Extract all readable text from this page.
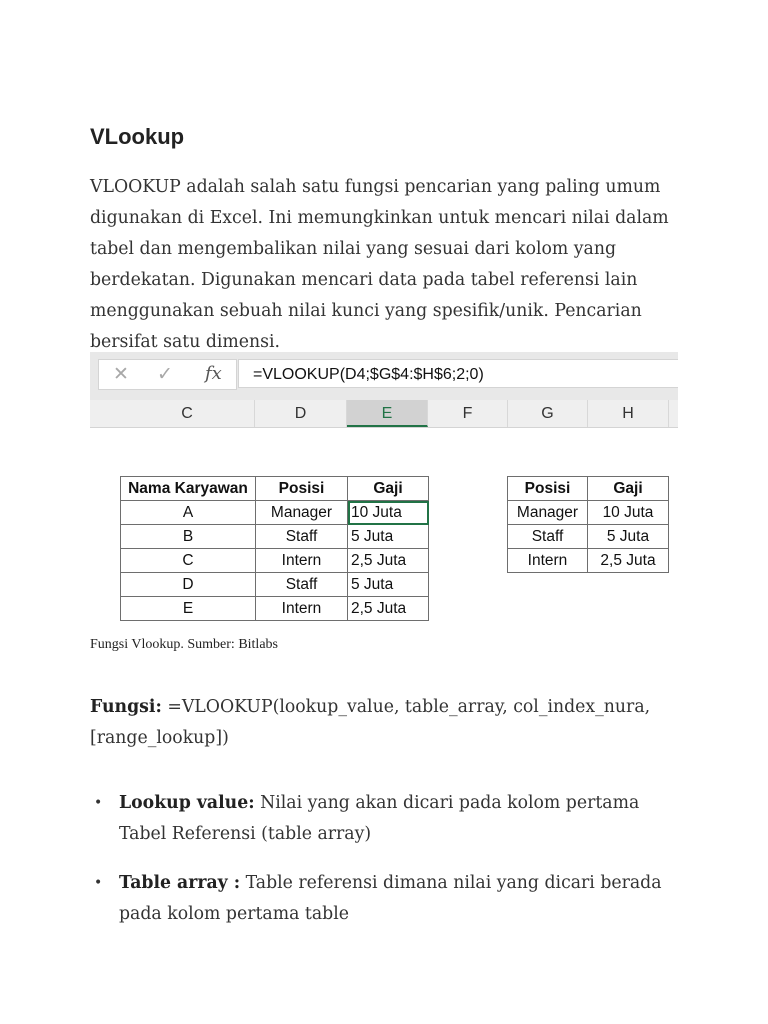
VLookup

VLOOKUP adalah salah satu fungsi pencarian yang paling umum digunakan di Excel. Ini memungkinkan untuk mencari nilai dalam tabel dan mengembalikan nilai yang sesuai dari kolom yang berdekatan. Digunakan mencari data pada tabel referensi lain menggunakan sebuah nilai kunci yang spesifik/unik. Pencarian bersifat satu dimensi.

✕ ✓ fx	=VLOOKUP(D4;$G$4:$H$6;2;0)
C	D	E	F	G	H
Nama Karyawan	Posisi	Gaji
A	Manager	10 Juta
B	Staff	5 Juta
C	Intern	2,5 Juta
D	Staff	5 Juta
E	Intern	2,5 Juta
Posisi	Gaji
Manager	10 Juta
Staff	5 Juta
Intern	2,5 Juta

Fungsi Vlookup. Sumber: Bitlabs

Fungsi: =VLOOKUP(lookup_value, table_array, col_index_nura, [range_lookup])

• Lookup value: Nilai yang akan dicari pada kolom pertama Tabel Referensi (table array)
• Table array : Table referensi dimana nilai yang dicari berada pada kolom pertama table
